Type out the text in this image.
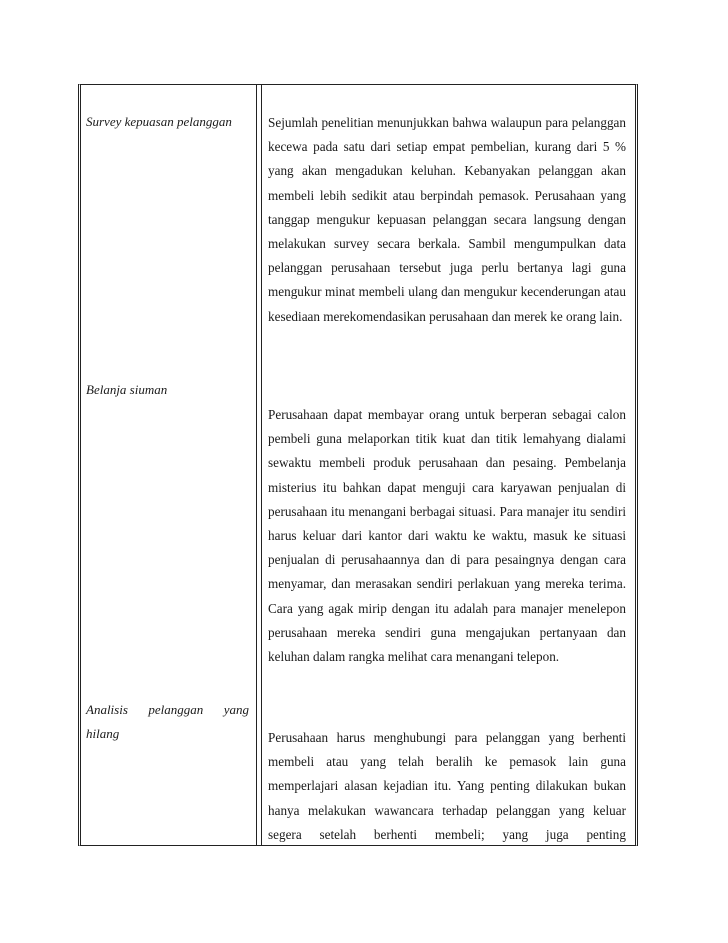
Survey kepuasan pelanggan	Sejumlah penelitian menunjukkan bahwa walaupun para pelanggan kecewa pada satu dari setiap empat pembelian, kurang dari 5 % yang akan mengadukan keluhan. Kebanyakan pelanggan akan membeli lebih sedikit atau berpindah pemasok. Perusahaan yang tanggap mengukur kepuasan pelanggan secara langsung dengan melakukan survey secara berkala. Sambil mengumpulkan data pelanggan perusahaan tersebut juga perlu bertanya lagi guna mengukur minat membeli ulang dan mengukur kecenderungan atau kesediaan merekomendasikan perusahaan dan merek ke orang lain.
Belanja siuman
Perusahaan dapat membayar orang untuk berperan sebagai calon pembeli guna melaporkan titik kuat dan titik lemahyang dialami sewaktu membeli produk perusahaan dan pesaing. Pembelanja misterius itu bahkan dapat menguji cara karyawan penjualan di perusahaan itu menangani berbagai situasi. Para manajer itu sendiri harus keluar dari kantor dari waktu ke waktu, masuk ke situasi penjualan di perusahaannya dan di para pesaingnya dengan cara menyamar, dan merasakan sendiri perlakuan yang mereka terima. Cara yang agak mirip dengan itu adalah para manajer menelepon perusahaan mereka sendiri guna mengajukan pertanyaan dan keluhan dalam rangka melihat cara menangani telepon.
Analisis pelanggan yang
hilang	Perusahaan harus menghubungi para pelanggan yang berhenti membeli atau yang telah beralih ke pemasok lain guna memperlajari alasan kejadian itu. Yang penting dilakukan bukan hanya melakukan wawancara terhadap pelanggan yang keluar segera setelah berhenti membeli; yang juga penting
